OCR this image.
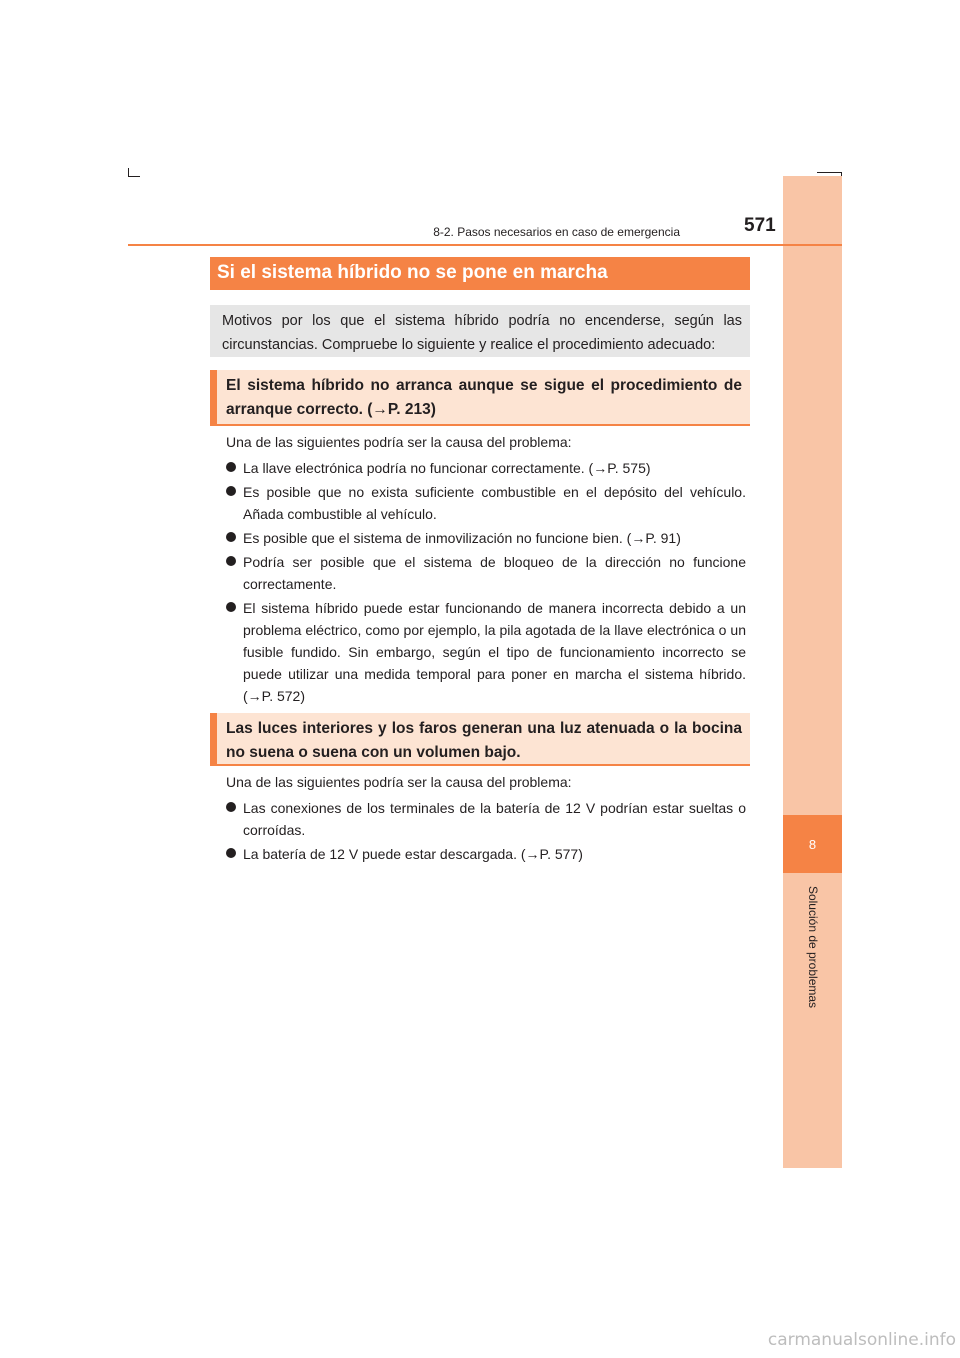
8
Solución de problemas
8-2. Pasos necesarios en caso de emergencia	571
Si el sistema híbrido no se pone en marcha
Motivos por los que el sistema híbrido podría no encenderse, según las circunstancias. Compruebe lo siguiente y realice el procedimiento adecuado:
El sistema híbrido no arranca aunque se sigue el procedimiento de arranque correcto. (→P. 213)
Una de las siguientes podría ser la causa del problema:
La llave electrónica podría no funcionar correctamente. (→P. 575)
Es posible que no exista suficiente combustible en el depósito del vehículo. Añada combustible al vehículo.
Es posible que el sistema de inmovilización no funcione bien. (→P. 91)
Podría ser posible que el sistema de bloqueo de la dirección no funcione correctamente.
El sistema híbrido puede estar funcionando de manera incorrecta debido a un problema eléctrico, como por ejemplo, la pila agotada de la llave electrónica o un fusible fundido. Sin embargo, según el tipo de funcionamiento incorrecto se puede utilizar una medida temporal para poner en marcha el sistema híbrido. (→P. 572)
Las luces interiores y los faros generan una luz atenuada o la bocina no suena o suena con un volumen bajo.
Una de las siguientes podría ser la causa del problema:
Las conexiones de los terminales de la batería de 12 V podrían estar sueltas o corroídas.
La batería de 12 V puede estar descargada. (→P. 577)
carmanualsonline.info
